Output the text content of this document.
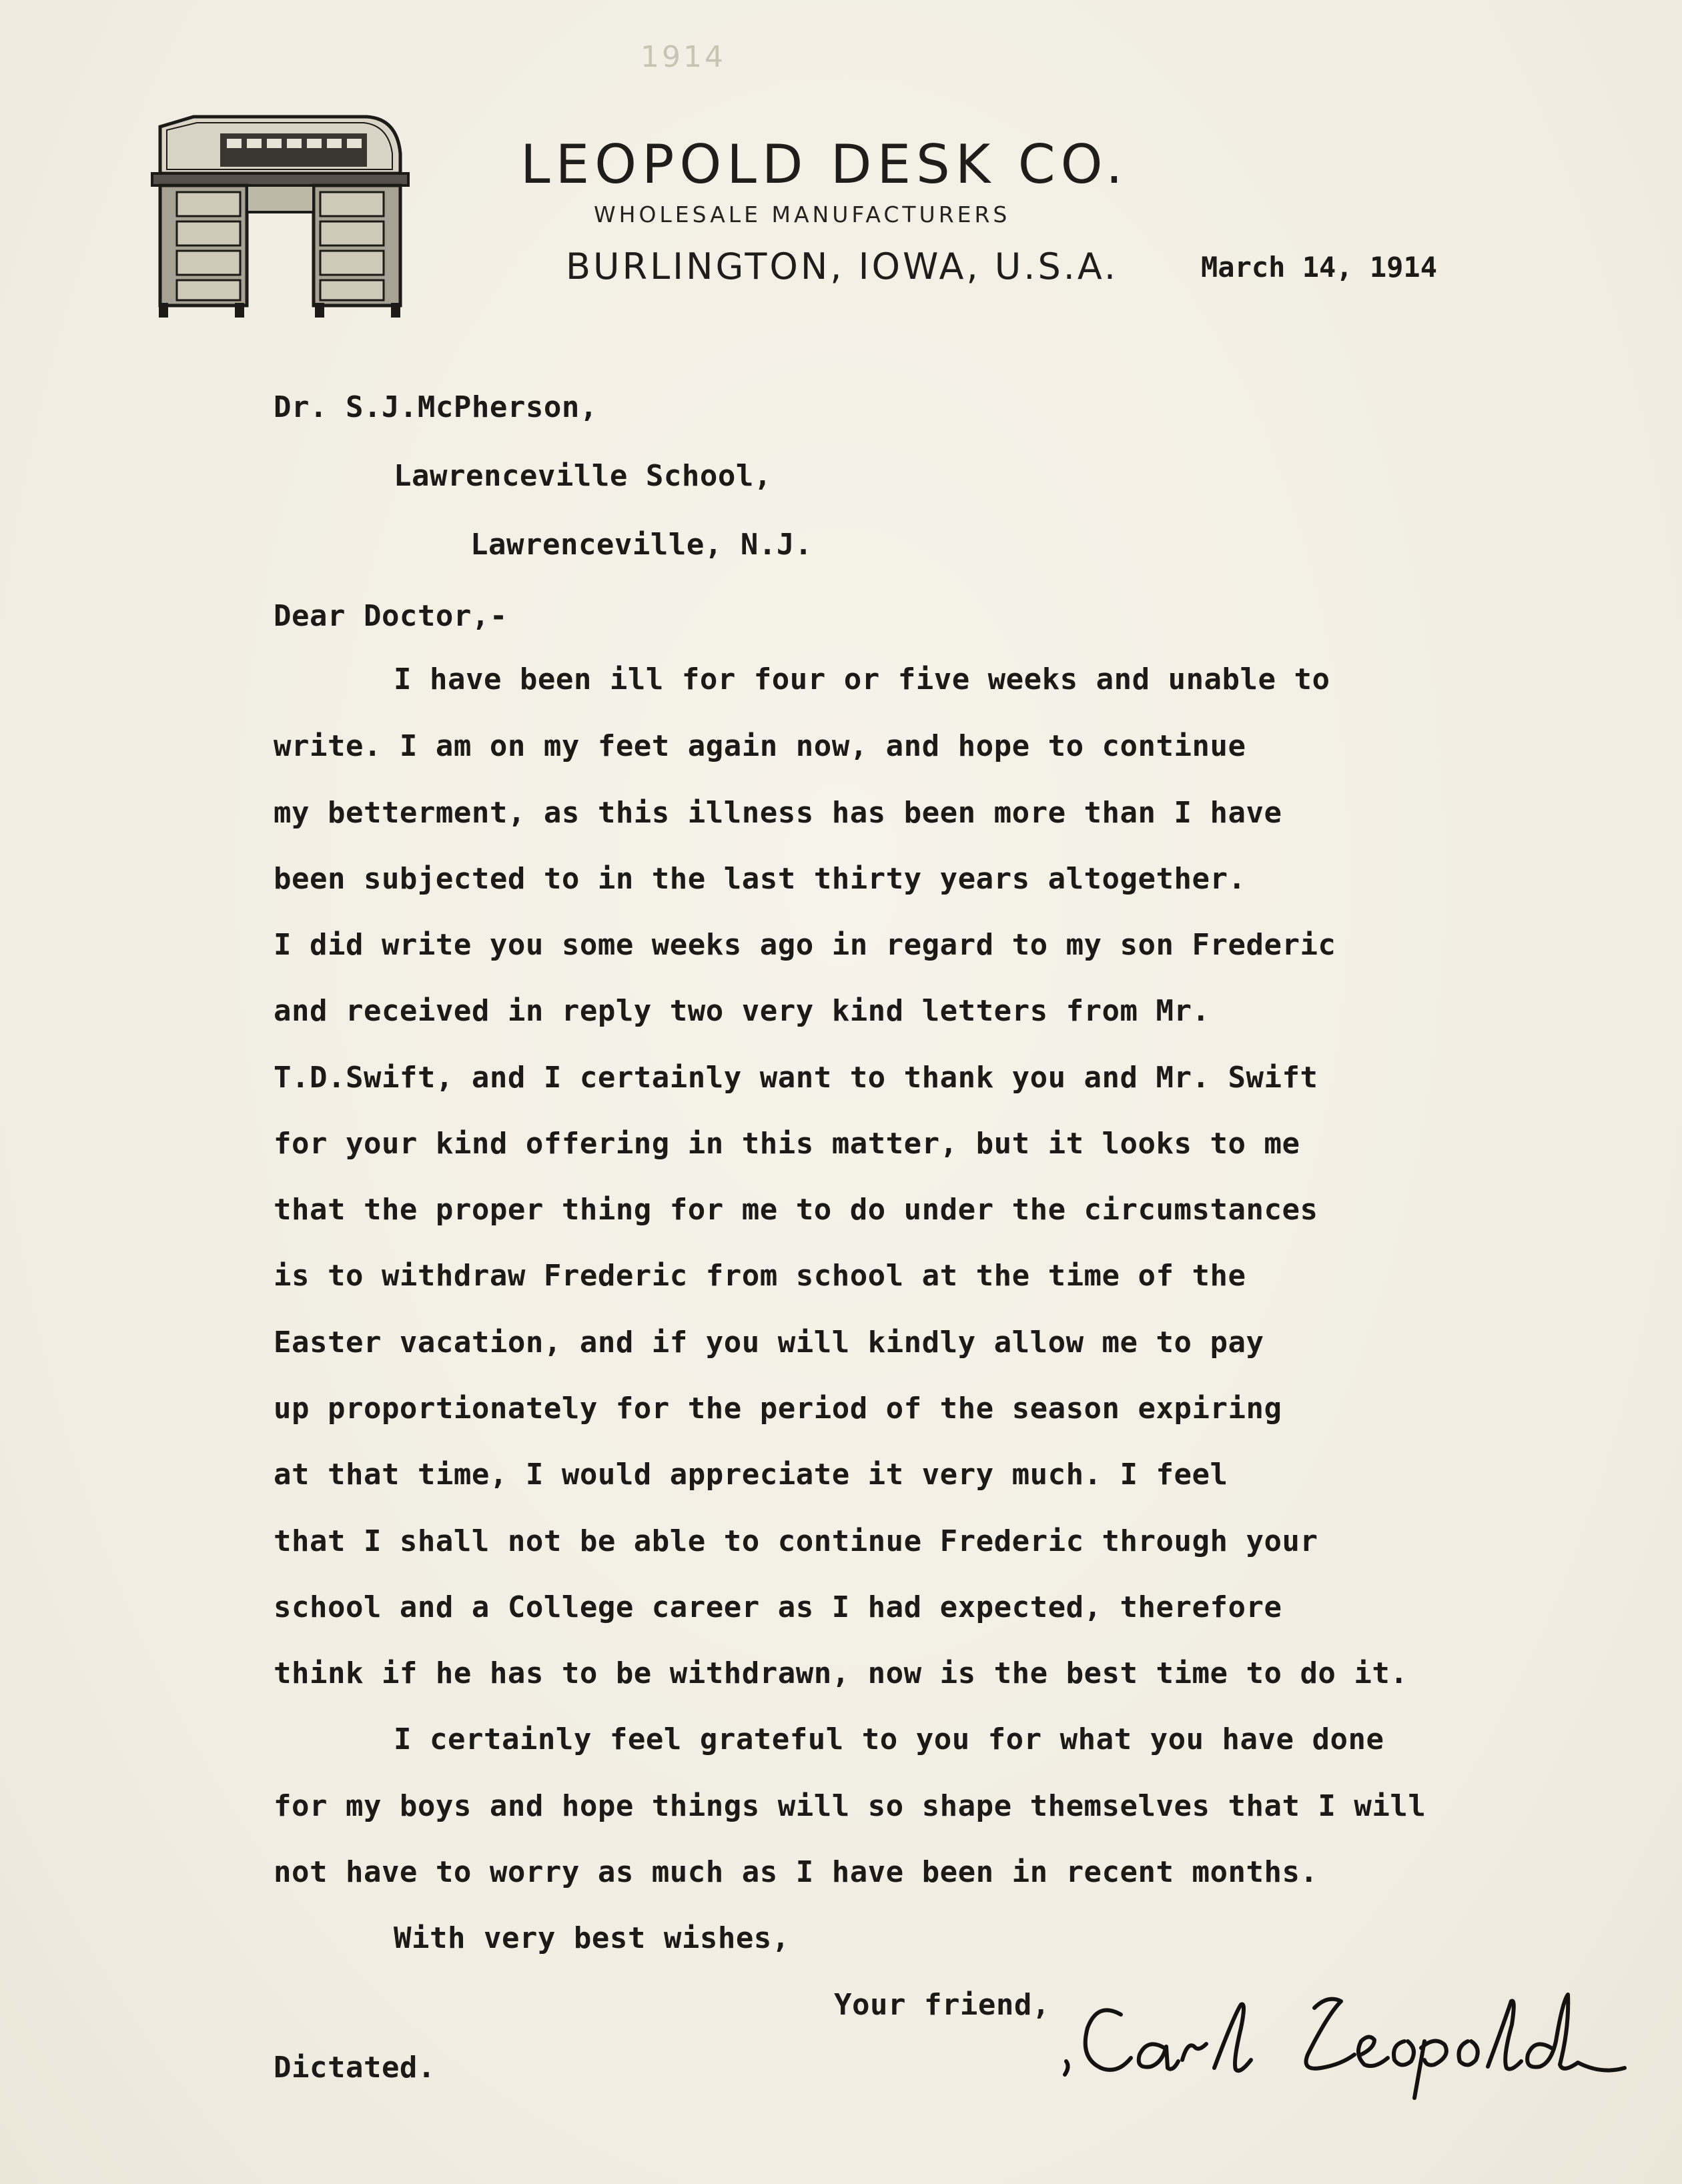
1914
LEOPOLD DESK CO.
WHOLESALE MANUFACTURERS
BURLINGTON, IOWA, U.S.A.	March 14, 1914
Dr. S.J.McPherson,
Lawrenceville School,
Lawrenceville, N.J.
Dear Doctor,-
I have been ill for four or five weeks and unable to
write. I am on my feet again now, and hope to continue
my betterment, as this illness has been more than I have
been subjected to in the last thirty years altogether.
I did write you some weeks ago in regard to my son Frederic
and received in reply two very kind letters from Mr.
T.D.Swift, and I certainly want to thank you and Mr. Swift
for your kind offering in this matter, but it looks to me
that the proper thing for me to do under the circumstances
is to withdraw Frederic from school at the time of the
Easter vacation, and if you will kindly allow me to pay
up proportionately for the period of the season expiring
at that time, I would appreciate it very much. I feel
that I shall not be able to continue Frederic through your
school and a College career as I had expected, therefore
think if he has to be withdrawn, now is the best time to do it.
I certainly feel grateful to you for what you have done
for my boys and hope things will so shape themselves that I will
not have to worry as much as I have been in recent months.
With very best wishes,
Your friend,
Dictated.
